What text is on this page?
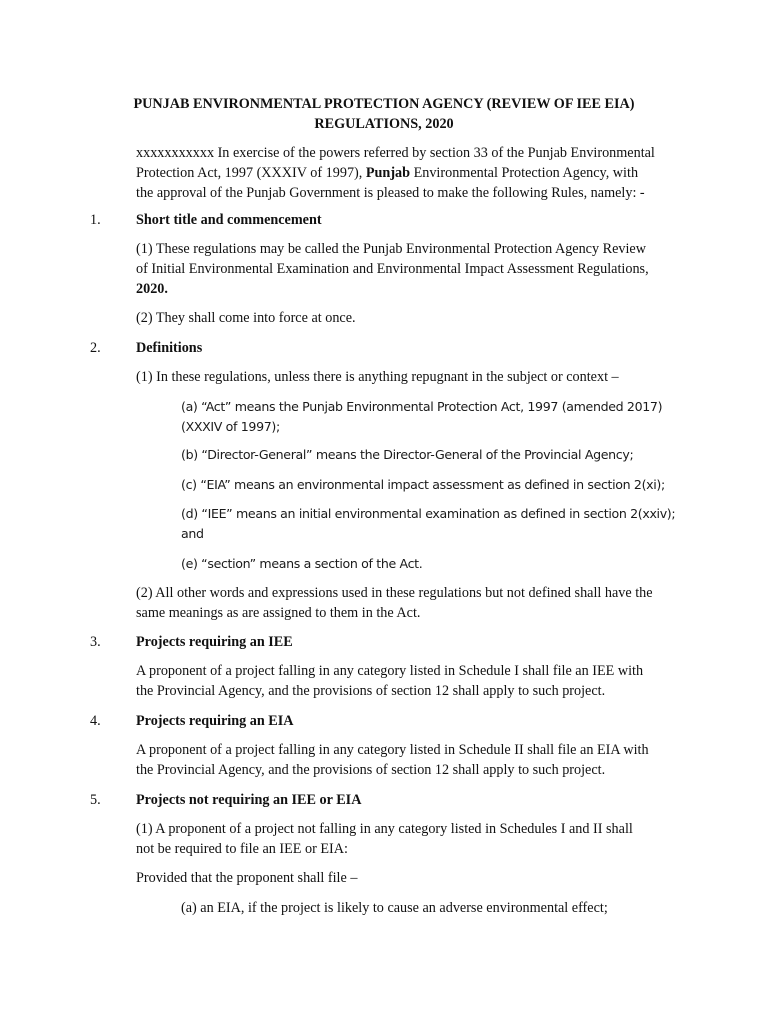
PUNJAB ENVIRONMENTAL PROTECTION AGENCY (REVIEW OF IEE EIA)
REGULATIONS, 2020
xxxxxxxxxxx In exercise of the powers referred by section 33 of the Punjab Environmental
Protection Act, 1997 (XXXIV of 1997), Punjab Environmental Protection Agency, with
the approval of the Punjab Government is pleased to make the following Rules, namely: -
1. Short title and commencement
(1) These regulations may be called the Punjab Environmental Protection Agency Review
of Initial Environmental Examination and Environmental Impact Assessment Regulations,
2020.
(2) They shall come into force at once.
2. Definitions
(1) In these regulations, unless there is anything repugnant in the subject or context –
(a) “Act” means the Punjab Environmental Protection Act, 1997 (amended 2017)
(XXXIV of 1997);
(b) “Director-General” means the Director-General of the Provincial Agency;
(c) “EIA” means an environmental impact assessment as defined in section 2(xi);
(d) “IEE” means an initial environmental examination as defined in section 2(xxiv);
and
(e) “section” means a section of the Act.
(2) All other words and expressions used in these regulations but not defined shall have the
same meanings as are assigned to them in the Act.
3. Projects requiring an IEE
A proponent of a project falling in any category listed in Schedule I shall file an IEE with
the Provincial Agency, and the provisions of section 12 shall apply to such project.
4. Projects requiring an EIA
A proponent of a project falling in any category listed in Schedule II shall file an EIA with
the Provincial Agency, and the provisions of section 12 shall apply to such project.
5. Projects not requiring an IEE or EIA
(1) A proponent of a project not falling in any category listed in Schedules I and II shall
not be required to file an IEE or EIA:
Provided that the proponent shall file –
(a) an EIA, if the project is likely to cause an adverse environmental effect;
